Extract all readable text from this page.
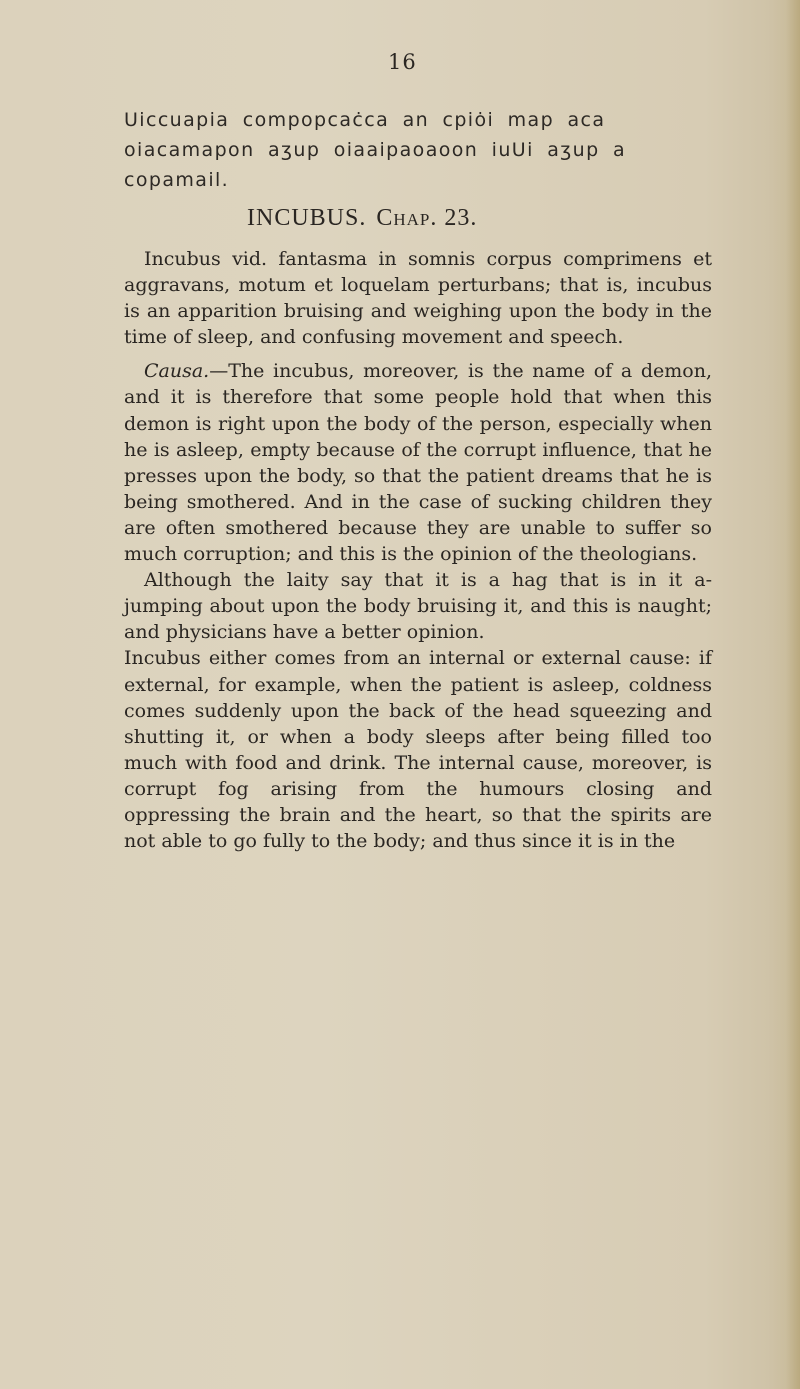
16
Uiccuapia compopcaċca an cpiȯi map aca oiacamapon aʒup oiaaipaoaoon iuUi aʒup a copamail.
INCUBUS. Chap. 23.

Incubus vid. fantasma in somnis corpus comprimens et aggravans, motum et loquelam perturbans; that is, incubus is an apparition bruising and weighing upon the body in the time of sleep, and confusing movement and speech.

Causa.—The incubus, moreover, is the name of a demon, and it is therefore that some people hold that when this demon is right upon the body of the person, especially when he is asleep, empty because of the corrupt influence, that he presses upon the body, so that the patient dreams that he is being smothered. And in the case of sucking children they are often smothered because they are unable to suffer so much corruption; and this is the opinion of the theologians.

Although the laity say that it is a hag that is in it a-jumping about upon the body bruising it, and this is naught; and physicians have a better opinion.

Incubus either comes from an internal or external cause: if external, for example, when the patient is asleep, coldness comes suddenly upon the back of the head squeezing and shutting it, or when a body sleeps after being filled too much with food and drink. The internal cause, moreover, is corrupt fog arising from the humours closing and oppressing the brain and the heart, so that the spirits are not able to go fully to the body; and thus since it is in the
